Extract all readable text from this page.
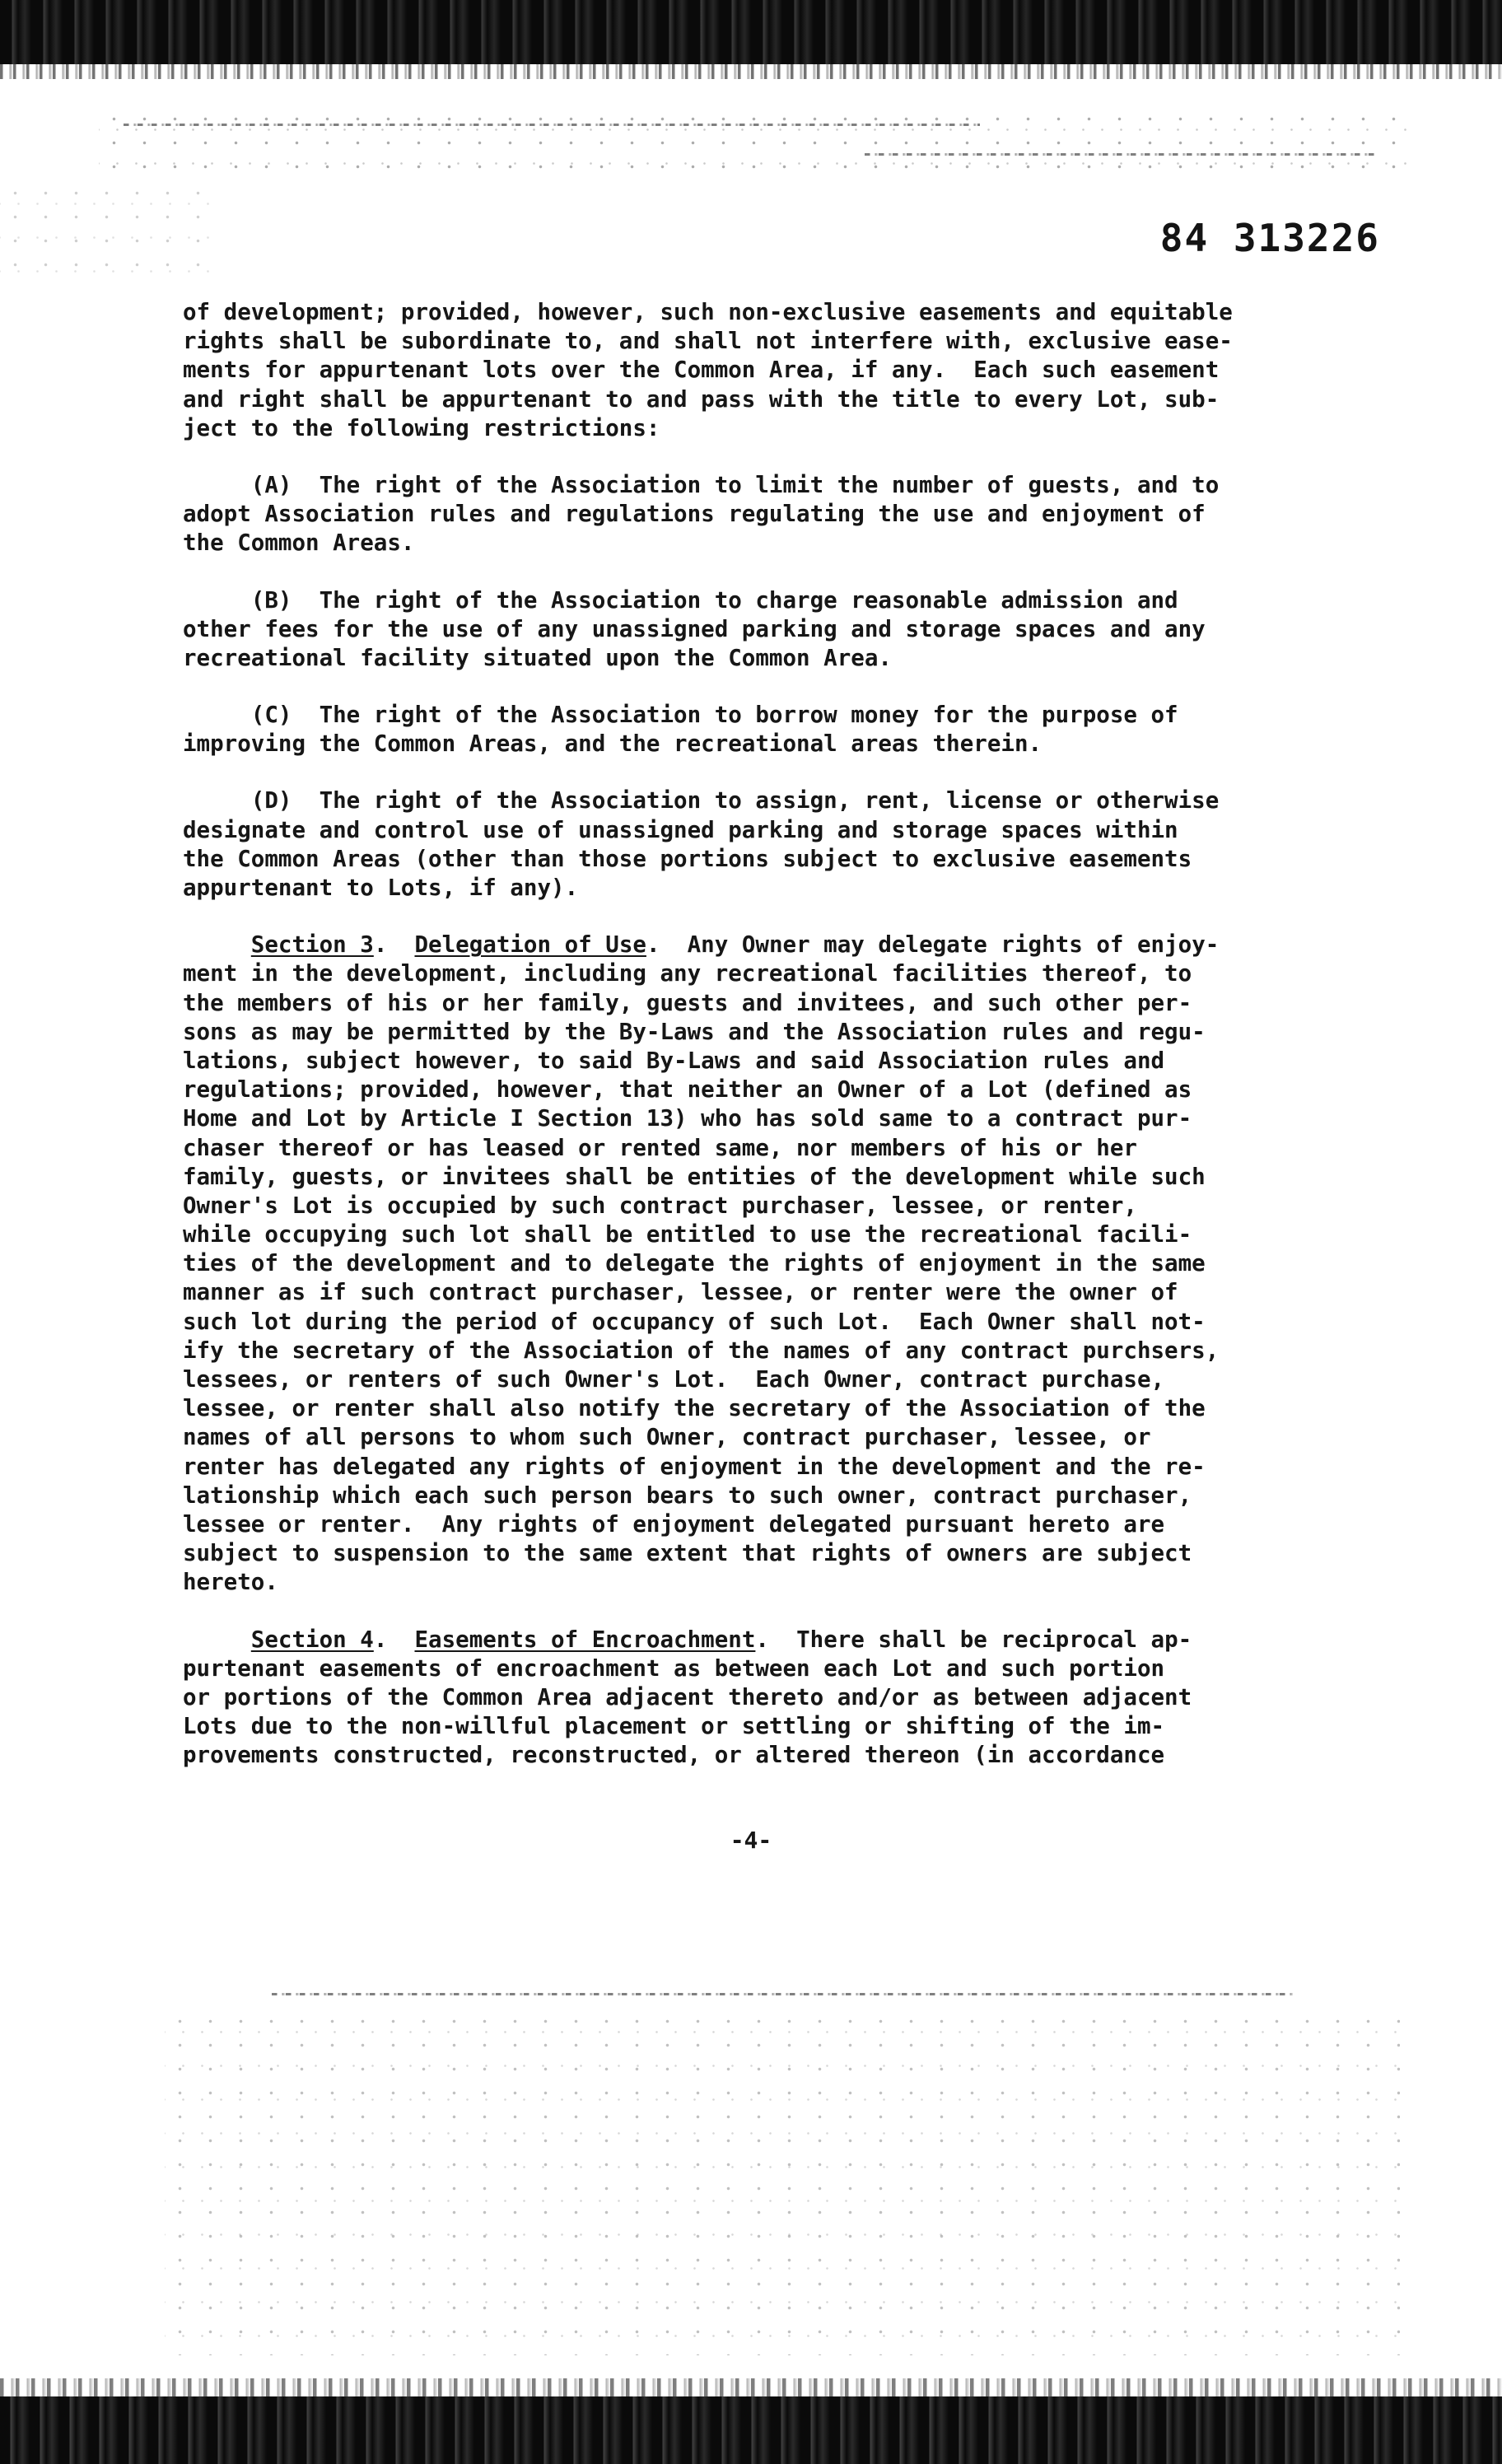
84 313226
of development; provided, however, such non-exclusive easements and equitable
rights shall be subordinate to, and shall not interfere with, exclusive ease-
ments for appurtenant lots over the Common Area, if any.  Each such easement
and right shall be appurtenant to and pass with the title to every Lot, sub-
ject to the following restrictions:
(A)  The right of the Association to limit the number of guests, and to
adopt Association rules and regulations regulating the use and enjoyment of
the Common Areas.
(B)  The right of the Association to charge reasonable admission and
other fees for the use of any unassigned parking and storage spaces and any
recreational facility situated upon the Common Area.
(C)  The right of the Association to borrow money for the purpose of
improving the Common Areas, and the recreational areas therein.
(D)  The right of the Association to assign, rent, license or otherwise
designate and control use of unassigned parking and storage spaces within
the Common Areas (other than those portions subject to exclusive easements
appurtenant to Lots, if any).
Section 3.  Delegation of Use.  Any Owner may delegate rights of enjoy-
ment in the development, including any recreational facilities thereof, to
the members of his or her family, guests and invitees, and such other per-
sons as may be permitted by the By-Laws and the Association rules and regu-
lations, subject however, to said By-Laws and said Association rules and
regulations; provided, however, that neither an Owner of a Lot (defined as
Home and Lot by Article I Section 13) who has sold same to a contract pur-
chaser thereof or has leased or rented same, nor members of his or her
family, guests, or invitees shall be entities of the development while such
Owner's Lot is occupied by such contract purchaser, lessee, or renter,
while occupying such lot shall be entitled to use the recreational facili-
ties of the development and to delegate the rights of enjoyment in the same
manner as if such contract purchaser, lessee, or renter were the owner of
such lot during the period of occupancy of such Lot.  Each Owner shall not-
ify the secretary of the Association of the names of any contract purchsers,
lessees, or renters of such Owner's Lot.  Each Owner, contract purchase,
lessee, or renter shall also notify the secretary of the Association of the
names of all persons to whom such Owner, contract purchaser, lessee, or
renter has delegated any rights of enjoyment in the development and the re-
lationship which each such person bears to such owner, contract purchaser,
lessee or renter.  Any rights of enjoyment delegated pursuant hereto are
subject to suspension to the same extent that rights of owners are subject
hereto.
Section 4.  Easements of Encroachment.  There shall be reciprocal ap-
purtenant easements of encroachment as between each Lot and such portion
or portions of the Common Area adjacent thereto and/or as between adjacent
Lots due to the non-willful placement or settling or shifting of the im-
provements constructed, reconstructed, or altered thereon (in accordance
-4-
